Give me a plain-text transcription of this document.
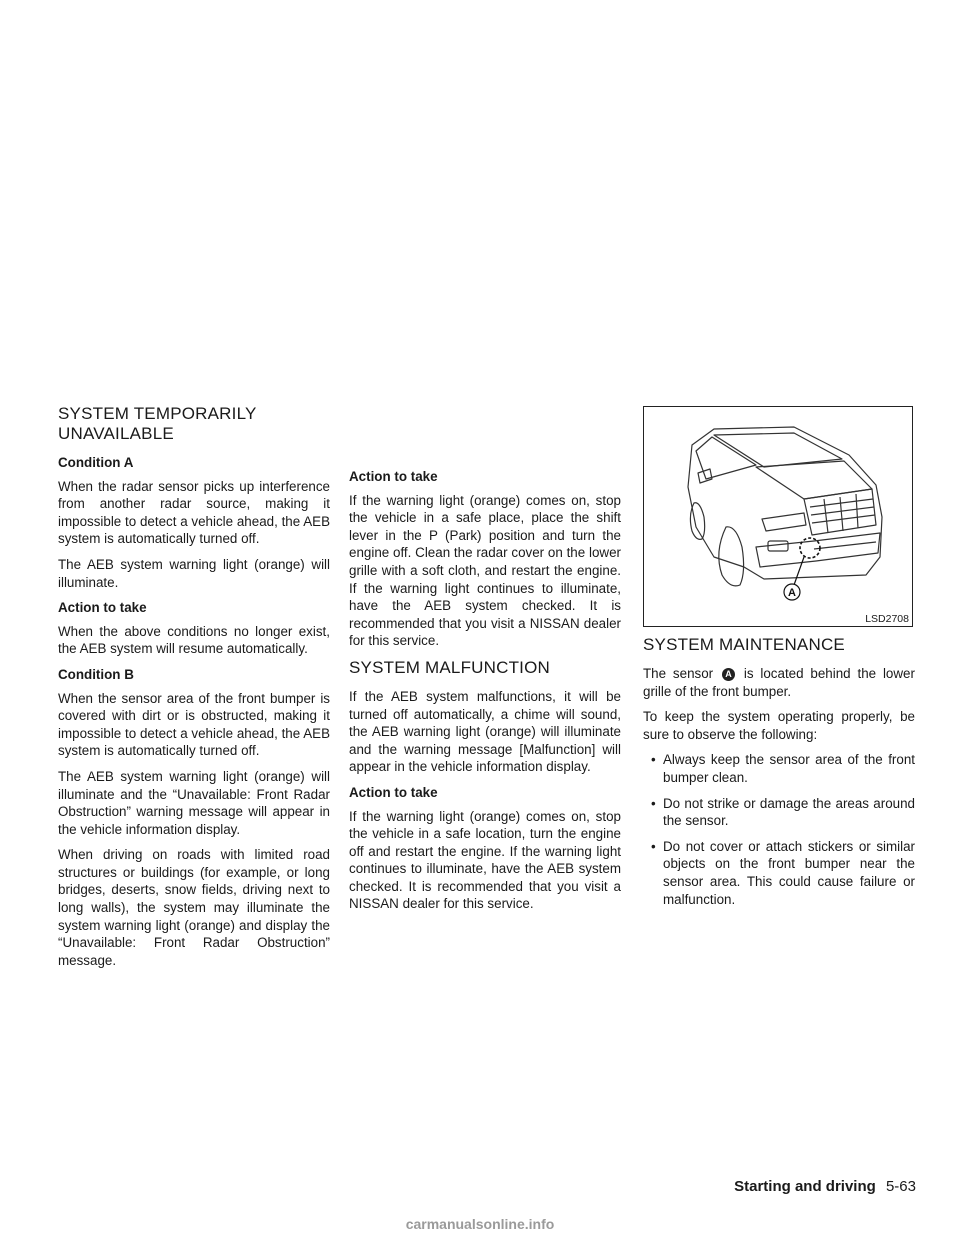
SYSTEM TEMPORARILY UNAVAILABLE
Condition A

When the radar sensor picks up interference from another radar source, making it impossible to detect a vehicle ahead, the AEB system is automatically turned off.

The AEB system warning light (orange) will illuminate.

Action to take

When the above conditions no longer exist, the AEB system will resume automatically.

Condition B

When the sensor area of the front bumper is covered with dirt or is obstructed, making it impossible to detect a vehicle ahead, the AEB system is automatically turned off.

The AEB system warning light (orange) will illuminate and the “Unavailable: Front Radar Obstruction” warning message will appear in the vehicle information display.

When driving on roads with limited road structures or buildings (for example, or long bridges, deserts, snow fields, driving next to long walls), the system may illuminate the system warning light (orange) and display the “Unavailable: Front Radar Obstruction” message.

Action to take

If the warning light (orange) comes on, stop the vehicle in a safe place, place the shift lever in the P (Park) position and turn the engine off. Clean the radar cover on the lower grille with a soft cloth, and restart the engine. If the warning light continues to illuminate, have the AEB system checked. It is recommended that you visit a NISSAN dealer for this service.

SYSTEM MALFUNCTION

If the AEB system malfunctions, it will be turned off automatically, a chime will sound, the AEB warning light (orange) will illuminate and the warning message [Malfunction] will appear in the vehicle information display.

Action to take

If the warning light (orange) comes on, stop the vehicle in a safe location, turn the engine off and restart the engine. If the warning light continues to illuminate, have the AEB system checked. It is recommended that you visit a NISSAN dealer for this service.

A
LSD2708
SYSTEM MAINTENANCE

The sensor A is located behind the lower grille of the front bumper.

To keep the system operating properly, be sure to observe the following:

• Always keep the sensor area of the front bumper clean.
• Do not strike or damage the areas around the sensor.
• Do not cover or attach stickers or similar objects on the front bumper near the sensor area. This could cause failure or malfunction.
Starting and driving 5-63
carmanualsonline.info
